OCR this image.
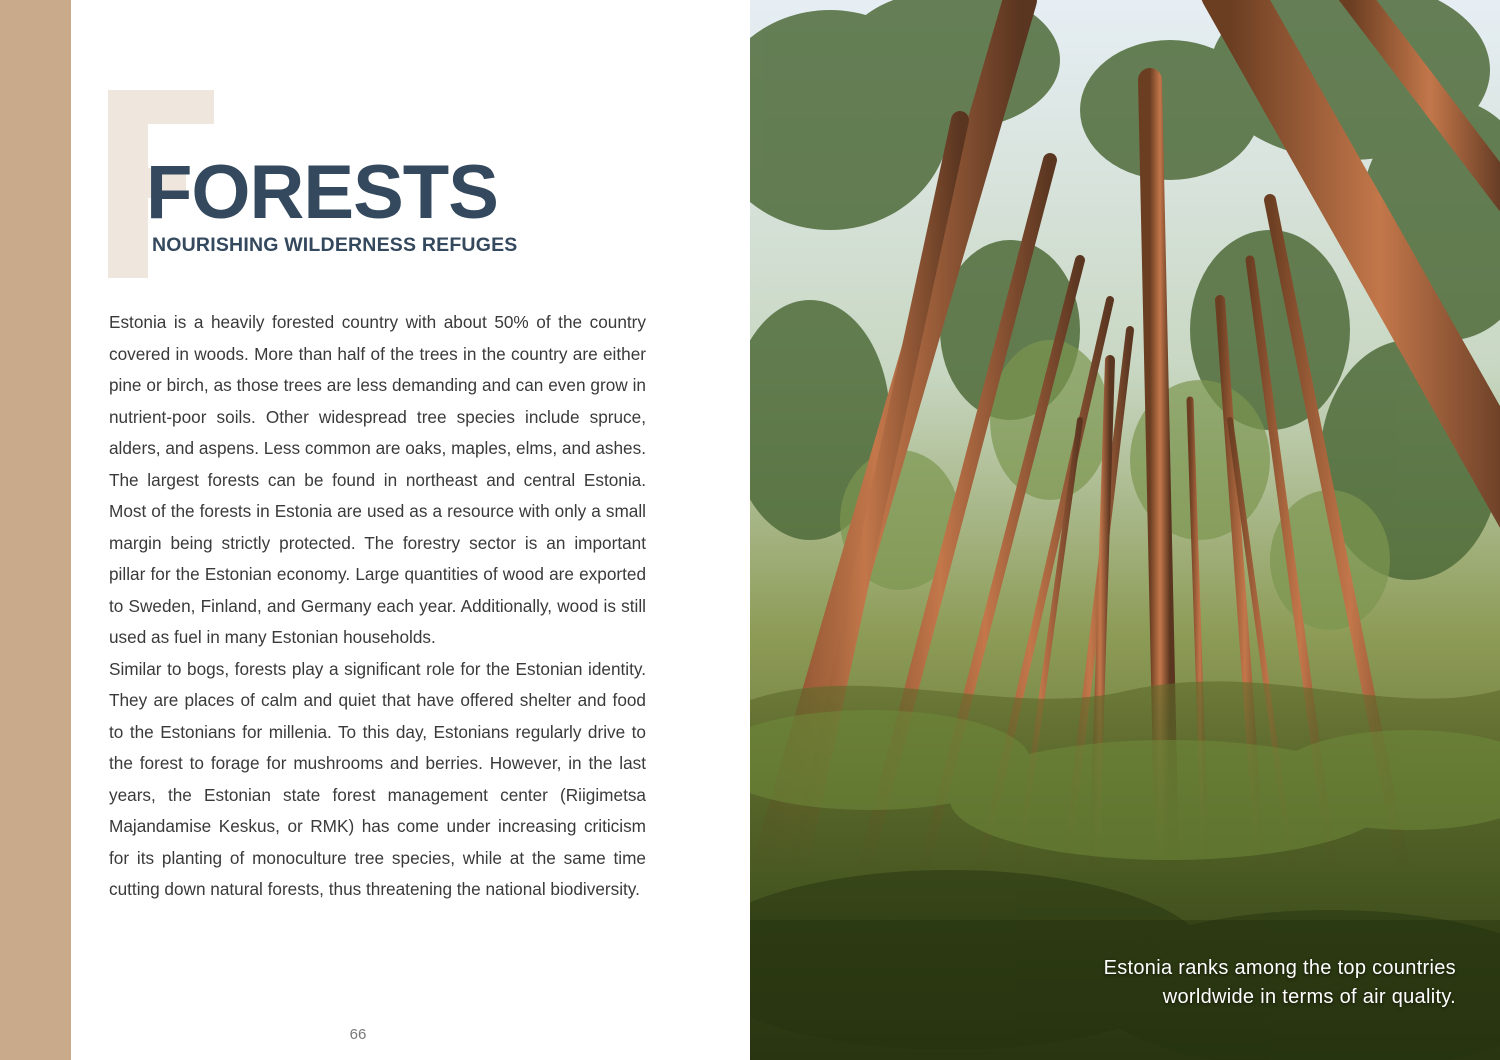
FORESTS
NOURISHING WILDERNESS REFUGES

Estonia is a heavily forested country with about 50% of the country covered in woods. More than half of the trees in the country are either pine or birch, as those trees are less demanding and can even grow in nutrient-poor soils. Other widespread tree species include spruce, alders, and aspens. Less common are oaks, maples, elms, and ashes. The largest forests can be found in northeast and central Estonia. Most of the forests in Estonia are used as a resource with only a small margin being strictly protected. The forestry sector is an important pillar for the Estonian economy. Large quantities of wood are exported to Sweden, Finland, and Germany each year. Additionally, wood is still used as fuel in many Estonian households.

Similar to bogs, forests play a significant role for the Estonian identity. They are places of calm and quiet that have offered shelter and food to the Estonians for millenia. To this day, Estonians regularly drive to the forest to forage for mushrooms and berries. However, in the last years, the Estonian state forest management center (Riigimetsa Majandamise Keskus, or RMK) has come under increasing criticism for its planting of monoculture tree species, while at the same time cutting down natural forests, thus threatening the national biodiversity.

66
Estonia ranks among the top countries
worldwide in terms of air quality.
